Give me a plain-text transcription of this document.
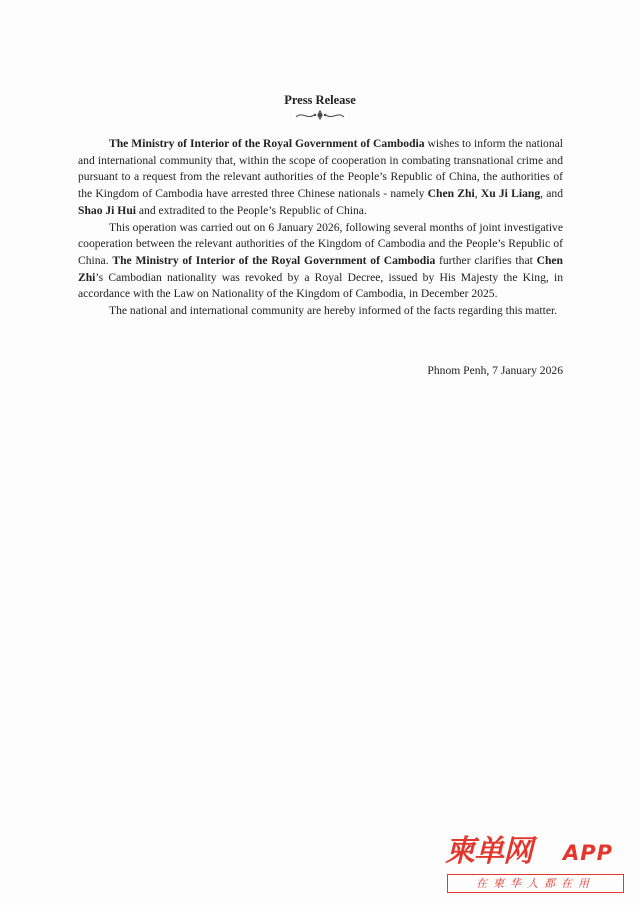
Press Release

The Ministry of Interior of the Royal Government of Cambodia wishes to inform the national and international community that, within the scope of cooperation in combating transnational crime and pursuant to a request from the relevant authorities of the People’s Republic of China, the authorities of the Kingdom of Cambodia have arrested three Chinese nationals - namely Chen Zhi, Xu Ji Liang, and Shao Ji Hui and extradited to the People’s Republic of China.

This operation was carried out on 6 January 2026, following several months of joint investigative cooperation between the relevant authorities of the Kingdom of Cambodia and the People’s Republic of China. The Ministry of Interior of the Royal Government of Cambodia further clarifies that Chen Zhi’s Cambodian nationality was revoked by a Royal Decree, issued by His Majesty the King, in accordance with the Law on Nationality of the Kingdom of Cambodia, in December 2025.

The national and international community are hereby informed of the facts regarding this matter.

Phnom Penh, 7 January 2026
柬单网 APP
在柬华人都在用
